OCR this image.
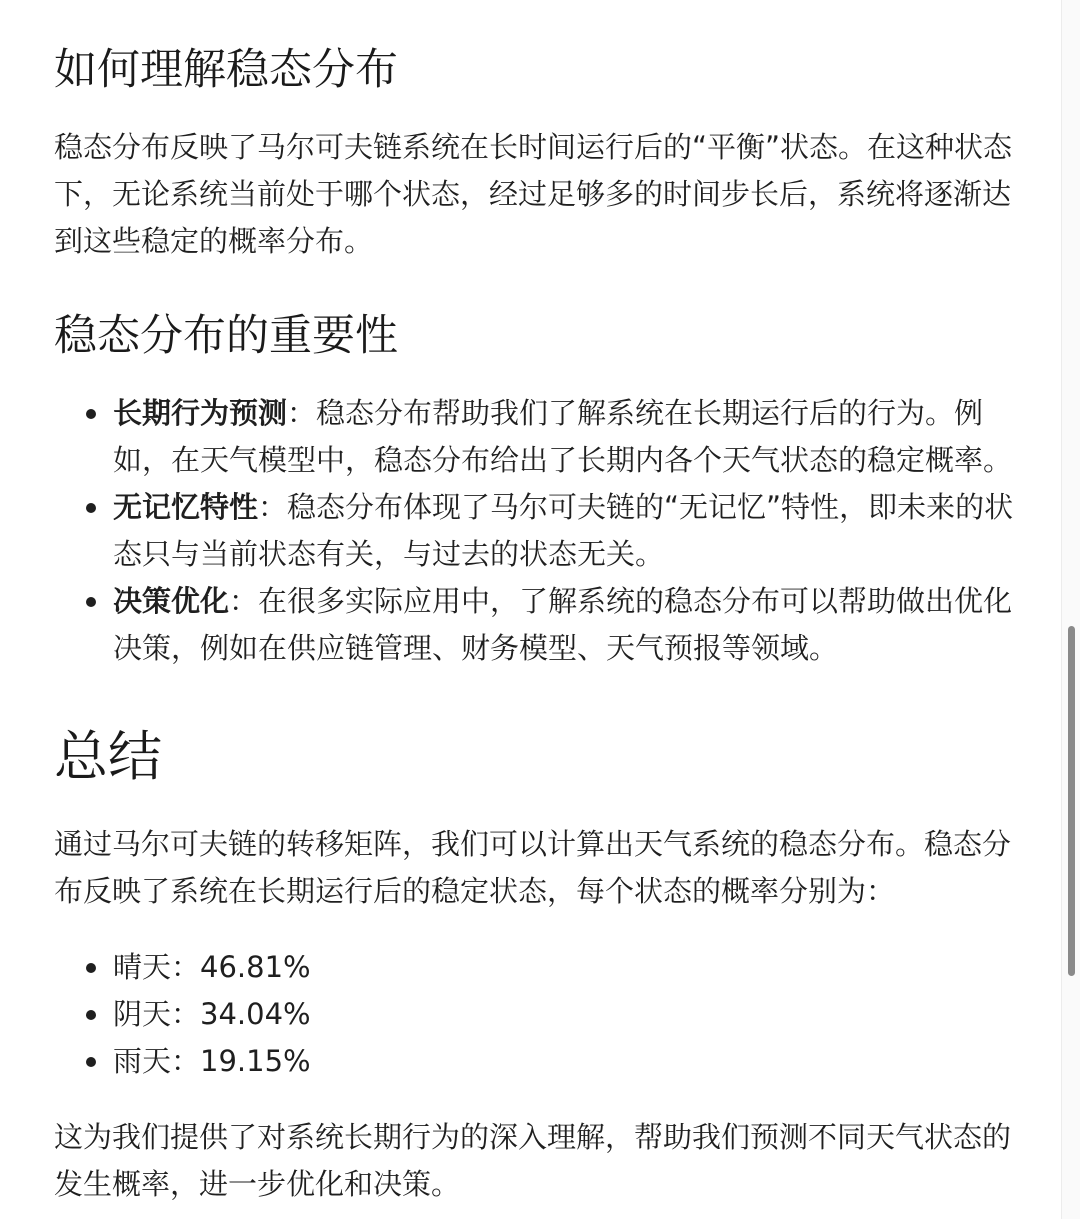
如何理解稳态分布

稳态分布反映了马尔可夫链系统在长时间运行后的“平衡”状态。在这种状态下，无论系统当前处于哪个状态，经过足够多的时间步长后，系统将逐渐达到这些稳定的概率分布。

稳态分布的重要性
长期行为预测：稳态分布帮助我们了解系统在长期运行后的行为。例如，在天气模型中，稳态分布给出了长期内各个天气状态的稳定概率。
无记忆特性：稳态分布体现了马尔可夫链的“无记忆”特性，即未来的状态只与当前状态有关，与过去的状态无关。
决策优化：在很多实际应用中，了解系统的稳态分布可以帮助做出优化决策，例如在供应链管理、财务模型、天气预报等领域。
总结

通过马尔可夫链的转移矩阵，我们可以计算出天气系统的稳态分布。稳态分布反映了系统在长期运行后的稳定状态，每个状态的概率分别为：

晴天：46.81%
阴天：34.04%
雨天：19.15%

这为我们提供了对系统长期行为的深入理解，帮助我们预测不同天气状态的发生概率，进一步优化和决策。
